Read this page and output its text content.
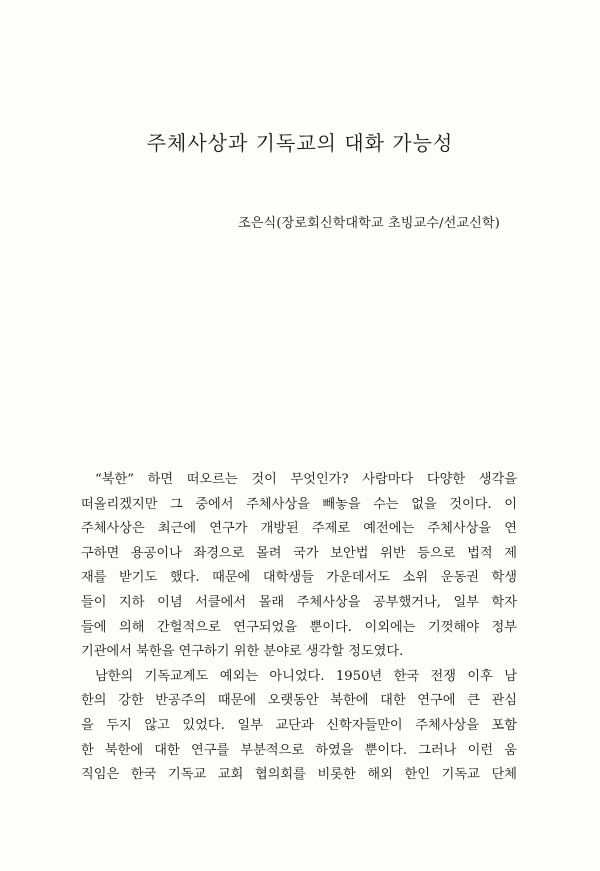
주체사상과 기독교의 대화 가능성
조은식(장로회신학대학교 초빙교수/선교신학)
“북한” 하면 떠오르는 것이 무엇인가? 사람마다 다양한 생각을
떠올리겠지만 그 중에서 주체사상을 빼놓을 수는 없을 것이다. 이
주체사상은 최근에 연구가 개방된 주제로 예전에는 주체사상을 연
구하면 용공이나 좌경으로 몰려 국가 보안법 위반 등으로 법적 제
재를 받기도 했다. 때문에 대학생들 가운데서도 소위 운동권 학생
들이 지하 이념 서클에서 몰래 주체사상을 공부했거나, 일부 학자
들에 의해 간헐적으로 연구되었을 뿐이다. 이외에는 기껏해야 정부
기관에서 북한을 연구하기 위한 분야로 생각할 정도였다.
남한의 기독교계도 예외는 아니었다. 1950년 한국 전쟁 이후 남
한의 강한 반공주의 때문에 오랫동안 북한에 대한 연구에 큰 관심
을 두지 않고 있었다. 일부 교단과 신학자들만이 주체사상을 포함
한 북한에 대한 연구를 부분적으로 하였을 뿐이다. 그러나 이런 움
직임은 한국 기독교 교회 협의회를 비롯한 해외 한인 기독교 단체
